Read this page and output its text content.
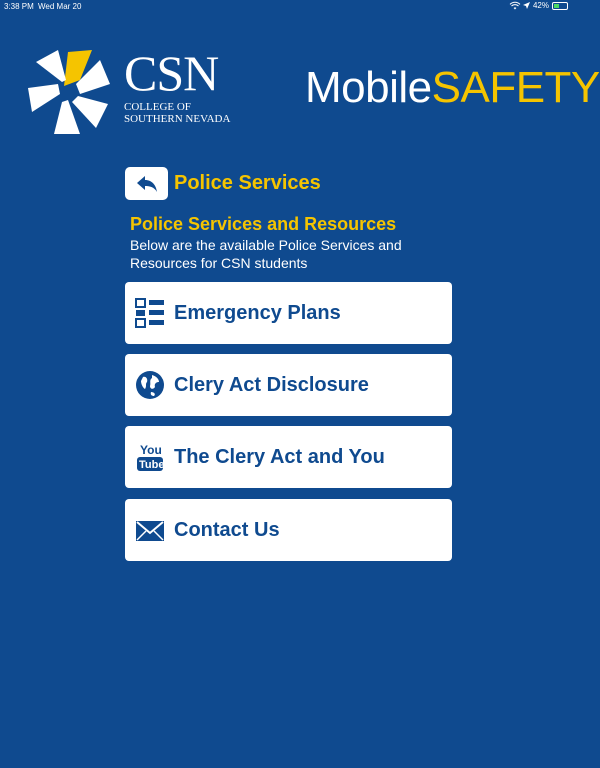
3:38 PM Wed Mar 20	42%
CSN
COLLEGE OF
SOUTHERN NEVADA
MobileSAFETY
Police Services
Police Services and Resources
Below are the available Police Services and Resources for CSN students
Emergency Plans
Clery Act Disclosure
You
Tube The Clery Act and You
Contact Us
